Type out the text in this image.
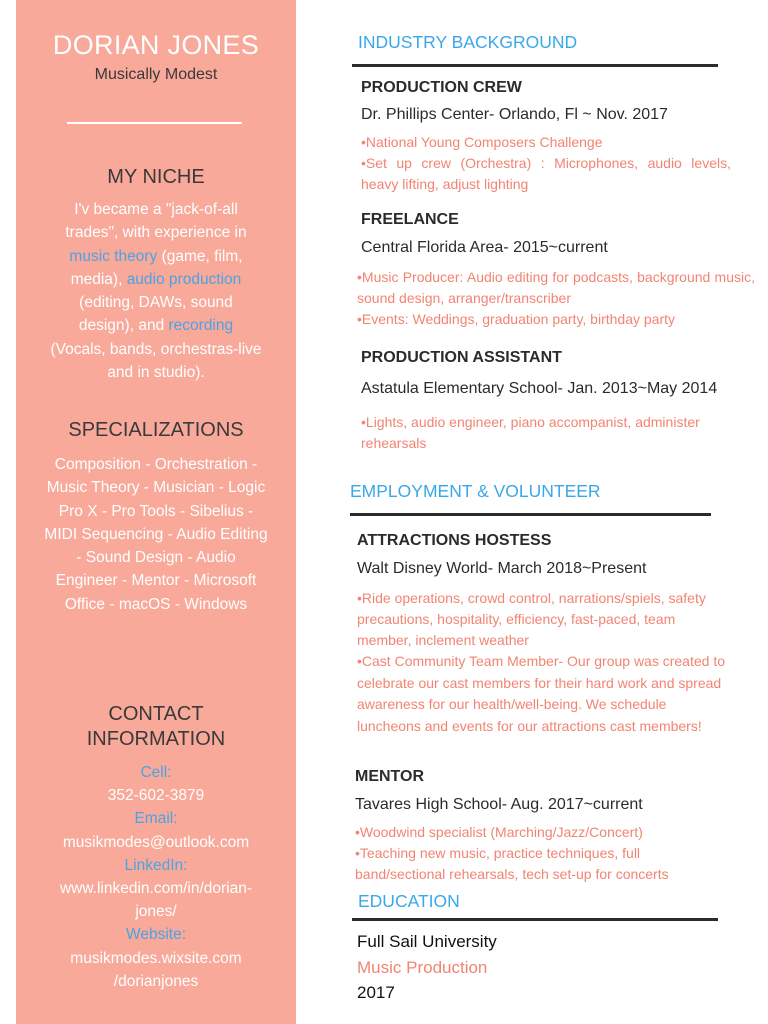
DORIAN JONES
Musically Modest
MY NICHE
I'v became a "jack-of-all trades", with experience in music theory (game, film, media), audio production (editing, DAWs, sound design), and recording (Vocals, bands, orchestras-live and in studio).
SPECIALIZATIONS
Composition - Orchestration - Music Theory - Musician - Logic Pro X - Pro Tools - Sibelius - MIDI Sequencing - Audio Editing - Sound Design - Audio Engineer - Mentor - Microsoft Office - macOS - Windows
CONTACT
INFORMATION
Cell:
352-602-3879
Email:
musikmodes@outlook.com
LinkedIn:
www.linkedin.com/in/dorian-jones/
Website:
musikmodes.wixsite.com /dorianjones
INDUSTRY BACKGROUND
PRODUCTION CREW
Dr. Phillips Center- Orlando, Fl ~ Nov. 2017
•National Young Composers Challenge
•Set up crew (Orchestra) : Microphones, audio levels, heavy lifting, adjust lighting
FREELANCE
Central Florida Area- 2015~current
•Music Producer: Audio editing for podcasts, background music, sound design, arranger/transcriber
•Events: Weddings, graduation party, birthday party
PRODUCTION ASSISTANT
Astatula Elementary School- Jan. 2013~May 2014
•Lights, audio engineer, piano accompanist, administer rehearsals
EMPLOYMENT & VOLUNTEER
ATTRACTIONS HOSTESS
Walt Disney World- March 2018~Present
•Ride operations, crowd control, narrations/spiels, safety precautions, hospitality, efficiency, fast-paced, team member, inclement weather
•Cast Community Team Member- Our group was created to celebrate our cast members for their hard work and spread awareness for our health/well-being. We schedule luncheons and events for our attractions cast members!
MENTOR
Tavares High School- Aug. 2017~current
•Woodwind specialist (Marching/Jazz/Concert)
•Teaching new music, practice techniques, full band/sectional rehearsals, tech set-up for concerts
EDUCATION
Full Sail University
Music Production
2017
